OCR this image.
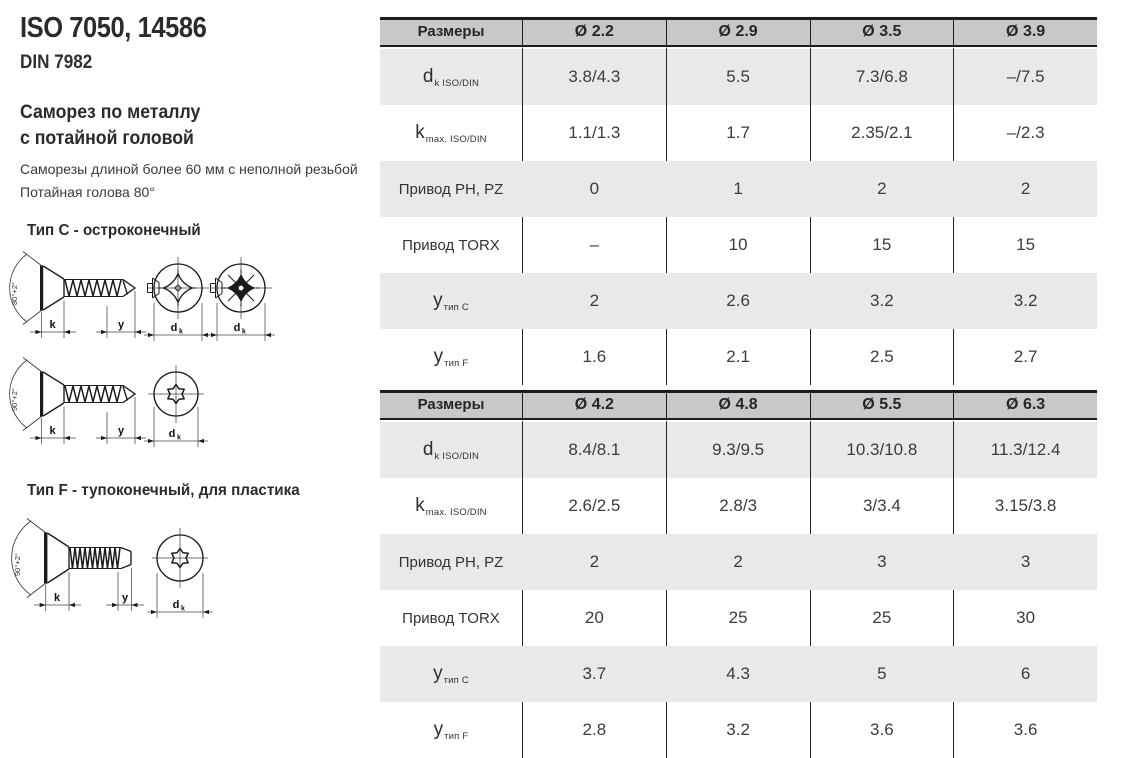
ISO 7050, 14586
DIN 7982
Саморез по металлу
с потайной головой
Саморезы длиной более 60 мм с неполной резьбой
Потайная голова 80°
Тип C - остроконечный
Тип F - тупоконечный, для пластика
80°+2°
k	y	d k	d k
90°+2°
k	y	d k
90°+2°
k	y
d k
Размеры	Ø 2.2	Ø 2.9	Ø 3.5	Ø 3.9
$d_{k ISO/DIN}$	3.8/4.3	5.5	7.3/6.8	–/7.5
$k_{max. ISO/DIN}$	1.1/1.3	1.7	2.35/2.1	–/2.3
Привод PH, PZ	0	1	2	2
Привод TORX	–	10	15	15
$y_{тип C}$	2	2.6	3.2	3.2
$y_{тип F}$	1.6	2.1	2.5	2.7
Размеры	Ø 4.2	Ø 4.8	Ø 5.5	Ø 6.3
$d_{k ISO/DIN}$	8.4/8.1	9.3/9.5	10.3/10.8	11.3/12.4
$k_{max. ISO/DIN}$	2.6/2.5	2.8/3	3/3.4	3.15/3.8
Привод PH, PZ	2	2	3	3
Привод TORX	20	25	25	30
$y_{тип C}$	3.7	4.3	5	6
$y_{тип F}$	2.8	3.2	3.6	3.6
